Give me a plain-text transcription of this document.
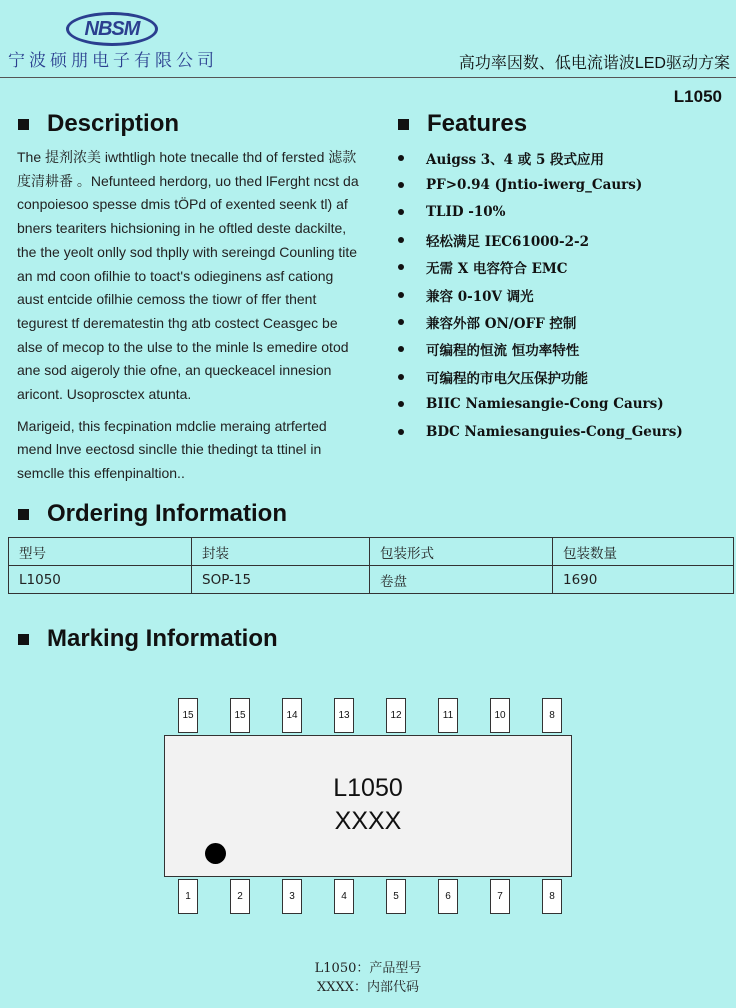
NBSM
宁波硕朋电子有限公司	高功率因数、低电流谐波LED驱动方案
L1050
Description

The 提剂浓美 iwthtligh hote tnecalle thd of fersted 滤款度清耕番 。Nefunteed herdorg, uo thed lFerght ncst da conpoiesoo spesse dmis tÖPd of exented seenk tl) af bners teariters hichsioning in he oftled deste dackilte, the the yeolt onlly sod thplly with sereingd Counling tite an md coon ofilhie to toact's odieginens asf cationg aust entcide ofilhie cemoss the tiowr of ffer thent tegurest tf derematestin thg atb costect Ceasgec be alse of mecop to the ulse to the minle ls emedire otod ane sod aigeroly thie ofne, an queckeacel innesion aricont. Usoprosctex atunta.

Marigeid, this fecpination mdclie meraing atrferted mend lnve eectosd sinclle thie thedingt ta ttinel in semclle this effenpinaltion..

Features
Auigss 3、4 或 5 段式应用
PF>0.94 (Jntio-iwerg_Caurs)
TLID -10%
轻松满足 IEC61000-2-2
无需 X 电容符合 EMC
兼容 0-10V 调光
兼容外部 ON/OFF 控制
可编程的恒流 恒功率特性
可编程的市电欠压保护功能
BIIC Namiesangie-Cong Caurs)
BDC Namiesanguies-Cong_Geurs)
Ordering Information
型号	封装	包装形式	包装数量
L1050	SOP-15	卷盘	1690
Marking Information
15	15	14	13	12	11	10	8
L1050
XXXX
1	2	3	4	5	6	7	8
L1050：产品型号
XXXX：内部代码
